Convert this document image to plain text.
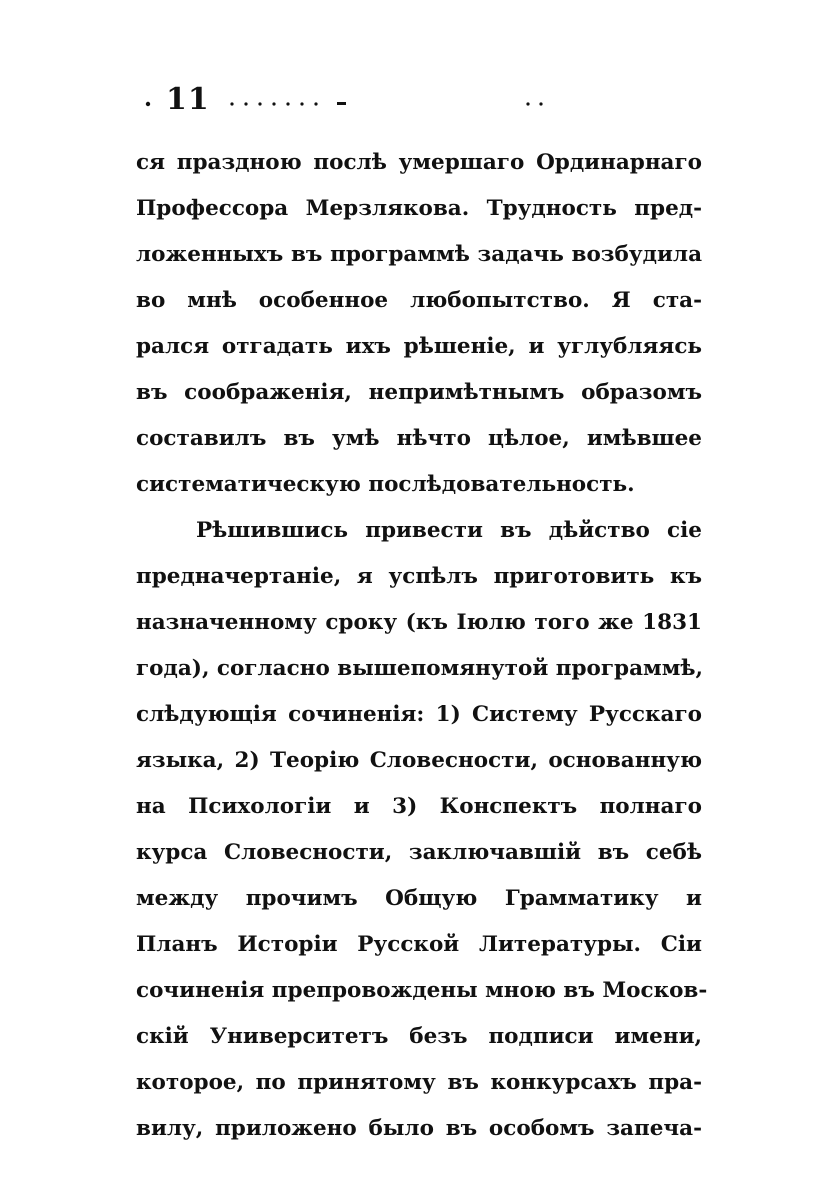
11
ся праздною послѣ умершаго Ординарнаго
Профессора Мерзлякова. Трудность пред-
ложенныхъ въ программѣ задачь возбудила
во мнѣ особенное любопытство. Я ста-
рался отгадать ихъ рѣшеніе, и углубляясь
въ соображенія, непримѣтнымъ образомъ
составилъ въ умѣ нѣчто цѣлое, имѣвшее
систематическую послѣдовательность.
Рѣшившись привести въ дѣйство сіе
предначертаніе, я успѣлъ приготовить къ
назначенному сроку (къ Іюлю того же 1831
года), согласно вышепомянутой программѣ,
слѣдующія сочиненія: 1) Систему Русскаго
языка, 2) Теорію Словесности, основанную
на Психологіи и 3) Конспектъ полнаго
курса Словесности, заключавшій въ себѣ
между прочимъ Общую Грамматику и
Планъ Исторіи Русской Литературы. Сіи
сочиненія препровождены мною въ Москов-
скій Университетъ безъ подписи имени,
которое, по принятому въ конкурсахъ пра-
вилу, приложено было въ особомъ запеча-
